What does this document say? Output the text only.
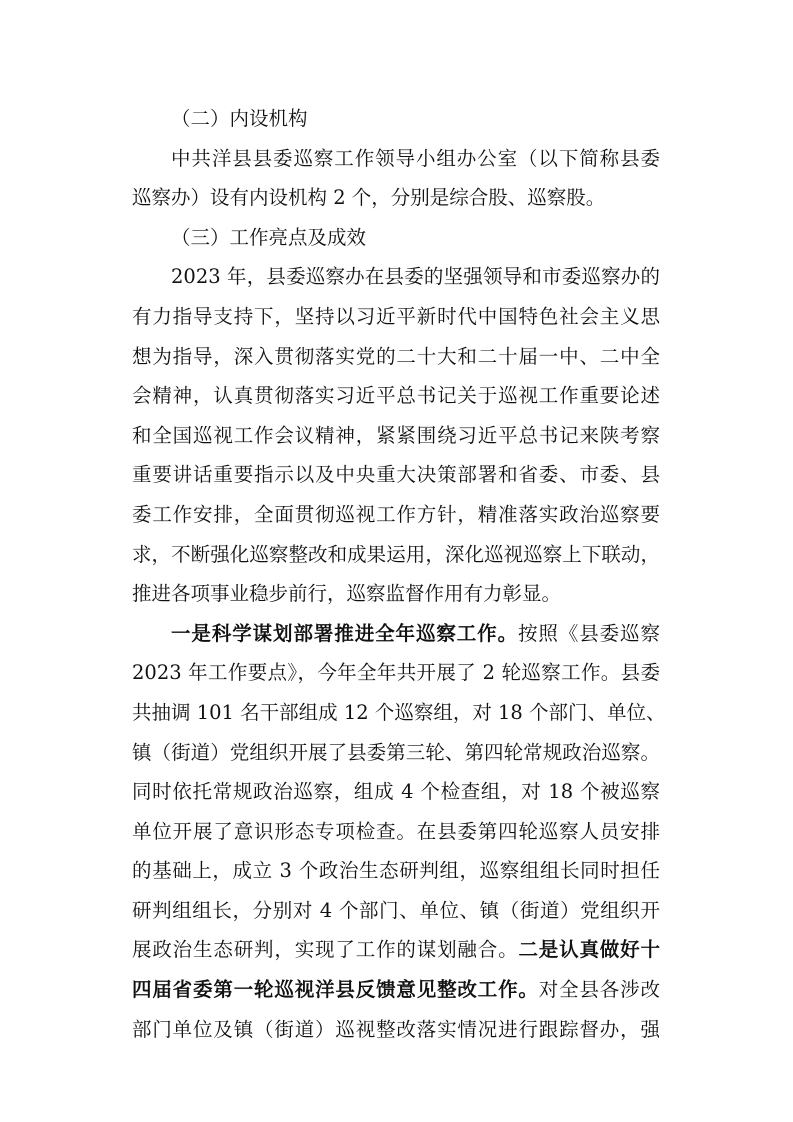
（二）内设机构
中共洋县县委巡察工作领导小组办公室（以下简称县委
巡察办）设有内设机构 2 个，分别是综合股、巡察股。
（三）工作亮点及成效
2023 年，县委巡察办在县委的坚强领导和市委巡察办的
有力指导支持下，坚持以习近平新时代中国特色社会主义思
想为指导，深入贯彻落实党的二十大和二十届一中、二中全
会精神，认真贯彻落实习近平总书记关于巡视工作重要论述
和全国巡视工作会议精神，紧紧围绕习近平总书记来陕考察
重要讲话重要指示以及中央重大决策部署和省委、市委、县
委工作安排，全面贯彻巡视工作方针，精准落实政治巡察要
求，不断强化巡察整改和成果运用，深化巡视巡察上下联动，
推进各项事业稳步前行，巡察监督作用有力彰显。
一是科学谋划部署推进全年巡察工作。按照《县委巡察
2023 年工作要点》，今年全年共开展了 2 轮巡察工作。县委
共抽调 101 名干部组成 12 个巡察组，对 18 个部门、单位、
镇（街道）党组织开展了县委第三轮、第四轮常规政治巡察。
同时依托常规政治巡察，组成 4 个检查组，对 18 个被巡察
单位开展了意识形态专项检查。在县委第四轮巡察人员安排
的基础上，成立 3 个政治生态研判组，巡察组组长同时担任
研判组组长，分别对 4 个部门、单位、镇（街道）党组织开
展政治生态研判，实现了工作的谋划融合。二是认真做好十
四届省委第一轮巡视洋县反馈意见整改工作。对全县各涉改
部门单位及镇（街道）巡视整改落实情况进行跟踪督办，强
